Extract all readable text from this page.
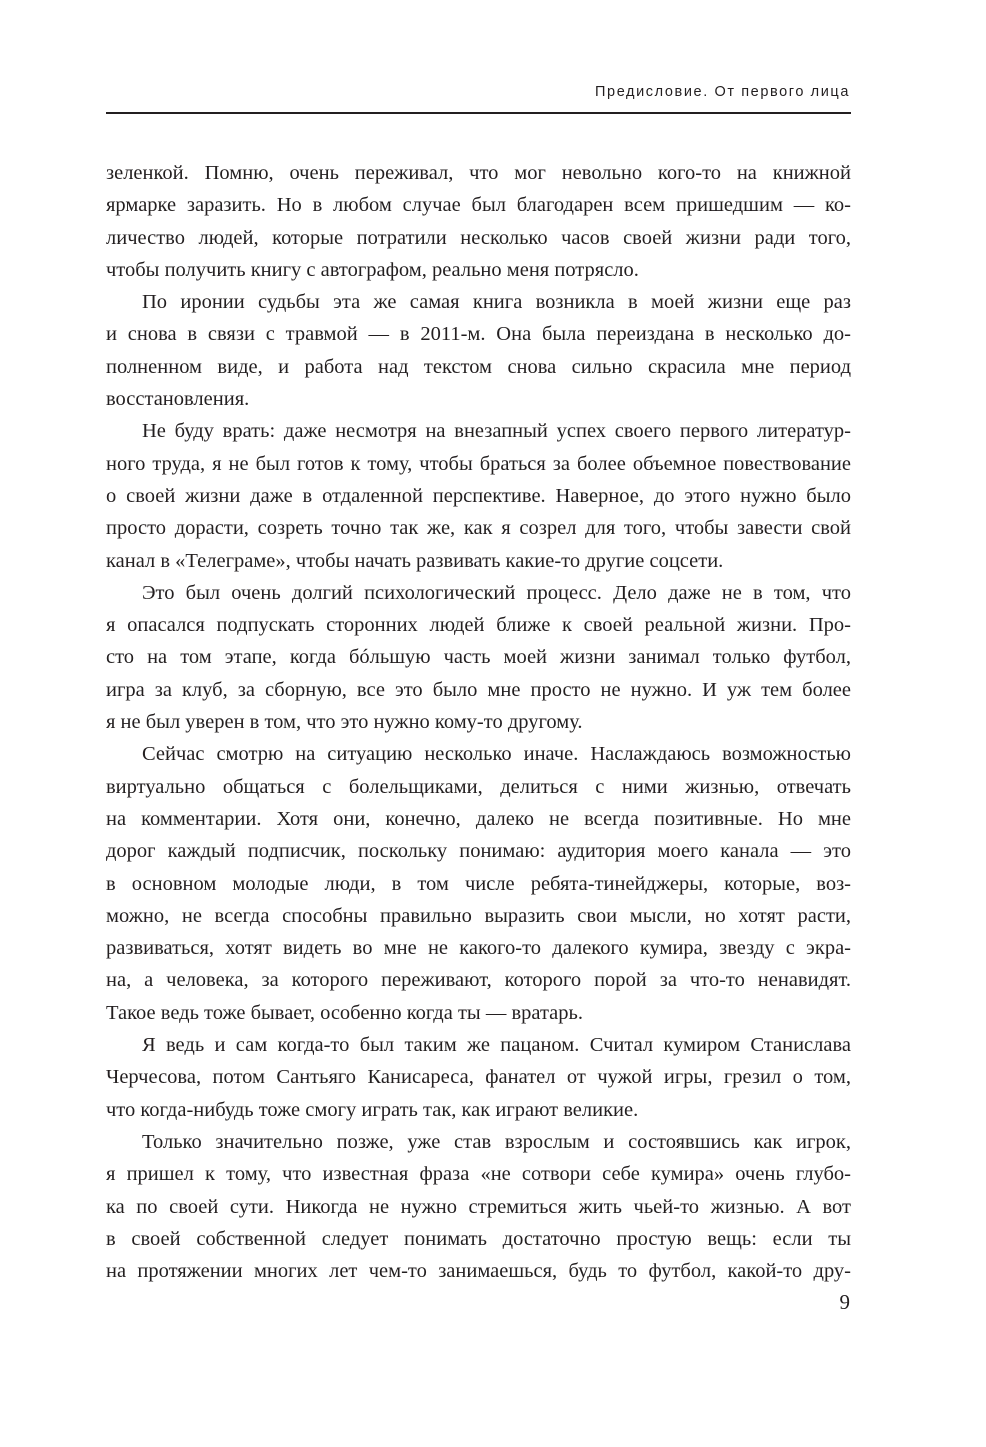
Предисловие. От первого лица
зеленкой. Помню, очень переживал, что мог невольно кого-то на книжной
ярмарке заразить. Но в любом случае был благодарен всем пришедшим — ко-
личество людей, которые потратили несколько часов своей жизни ради того,
чтобы получить книгу с автографом, реально меня потрясло.
По иронии судьбы эта же самая книга возникла в моей жизни еще раз
и снова в связи с травмой — в 2011-м. Она была переиздана в несколько до-
полненном виде, и работа над текстом снова сильно скрасила мне период
восстановления.
Не буду врать: даже несмотря на внезапный успех своего первого литератур-
ного труда, я не был готов к тому, чтобы браться за более объемное повествование
о своей жизни даже в отдаленной перспективе. Наверное, до этого нужно было
просто дорасти, созреть точно так же, как я созрел для того, чтобы завести свой
канал в «Телеграме», чтобы начать развивать какие-то другие соцсети.
Это был очень долгий психологический процесс. Дело даже не в том, что
я опасался подпускать сторонних людей ближе к своей реальной жизни. Про-
сто на том этапе, когда бóльшую часть моей жизни занимал только футбол,
игра за клуб, за сборную, все это было мне просто не нужно. И уж тем более
я не был уверен в том, что это нужно кому-то другому.
Сейчас смотрю на ситуацию несколько иначе. Наслаждаюсь возможностью
виртуально общаться с болельщиками, делиться с ними жизнью, отвечать
на комментарии. Хотя они, конечно, далеко не всегда позитивные. Но мне
дорог каждый подписчик, поскольку понимаю: аудитория моего канала — это
в основном молодые люди, в том числе ребята-тинейджеры, которые, воз-
можно, не всегда способны правильно выразить свои мысли, но хотят расти,
развиваться, хотят видеть во мне не какого-то далекого кумира, звезду с экра-
на, а человека, за которого переживают, которого порой за что-то ненавидят.
Такое ведь тоже бывает, особенно когда ты — вратарь.
Я ведь и сам когда-то был таким же пацаном. Считал кумиром Станислава
Черчесова, потом Сантьяго Канисареса, фанател от чужой игры, грезил о том,
что когда-нибудь тоже смогу играть так, как играют великие.
Только значительно позже, уже став взрослым и состоявшись как игрок,
я пришел к тому, что известная фраза «не сотвори себе кумира» очень глубо-
ка по своей сути. Никогда не нужно стремиться жить чьей-то жизнью. А вот
в своей собственной следует понимать достаточно простую вещь: если ты
на протяжении многих лет чем-то занимаешься, будь то футбол, какой-то дру-
9
